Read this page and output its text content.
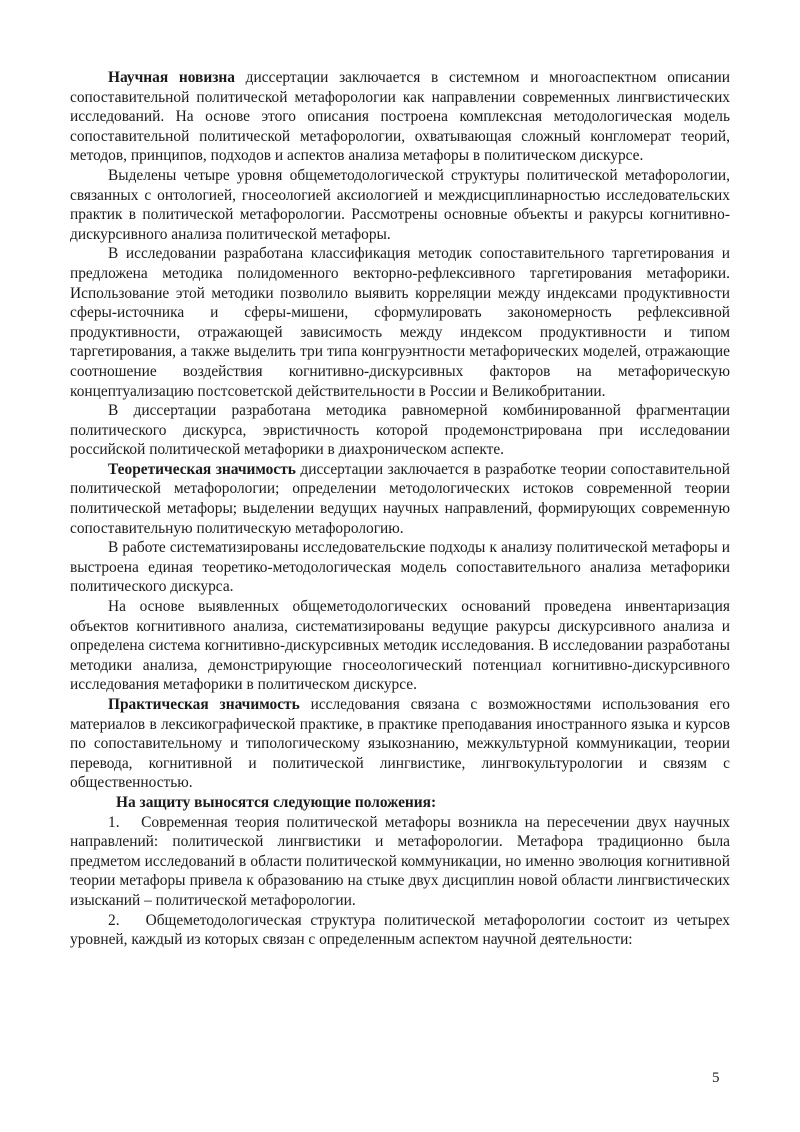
Научная новизна диссертации заключается в системном и многоаспектном описании сопоставительной политической метафорологии как направлении современных лингвистических исследований. На основе этого описания построена комплексная методологическая модель сопоставительной политической метафорологии, охватывающая сложный конгломерат теорий, методов, принципов, подходов и аспектов анализа метафоры в политическом дискурсе.

Выделены четыре уровня общеметодологической структуры политической метафорологии, связанных с онтологией, гносеологией аксиологией и междисциплинарностью исследовательских практик в политической метафорологии. Рассмотрены основные объекты и ракурсы когнитивно-дискурсивного анализа политической метафоры.

В исследовании разработана классификация методик сопоставительного таргетирования и предложена методика полидоменного векторно-рефлексивного таргетирования метафорики. Использование этой методики позволило выявить корреляции между индексами продуктивности сферы-источника и сферы-мишени, сформулировать закономерность рефлексивной продуктивности, отражающей зависимость между индексом продуктивности и типом таргетирования, а также выделить три типа конгруэнтности метафорических моделей, отражающие соотношение воздействия когнитивно-дискурсивных факторов на метафорическую концептуализацию постсоветской действительности в России и Великобритании.

В диссертации разработана методика равномерной комбинированной фрагментации политического дискурса, эвристичность которой продемонстрирована при исследовании российской политической метафорики в диахроническом аспекте.

Теоретическая значимость диссертации заключается в разработке теории сопоставительной политической метафорологии; определении методологических истоков современной теории политической метафоры; выделении ведущих научных направлений, формирующих современную сопоставительную политическую метафорологию.

В работе систематизированы исследовательские подходы к анализу политической метафоры и выстроена единая теоретико-методологическая модель сопоставительного анализа метафорики политического дискурса.

На основе выявленных общеметодологических оснований проведена инвентаризация объектов когнитивного анализа, систематизированы ведущие ракурсы дискурсивного анализа и определена система когнитивно-дискурсивных методик исследования. В исследовании разработаны методики анализа, демонстрирующие гносеологический потенциал когнитивно-дискурсивного исследования метафорики в политическом дискурсе.

Практическая значимость исследования связана с возможностями использования его материалов в лексикографической практике, в практике преподавания иностранного языка и курсов по сопоставительному и типологическому языкознанию, межкультурной коммуникации, теории перевода, когнитивной и политической лингвистике, лингвокультурологии и связям с общественностью.

На защиту выносятся следующие положения:

1.   Современная теория политической метафоры возникла на пересечении двух научных направлений: политической лингвистики и метафорологии. Метафора традиционно была предметом исследований в области политической коммуникации, но именно эволюция когнитивной теории метафоры привела к образованию на стыке двух дисциплин новой области лингвистических изысканий – политической метафорологии.

2.   Общеметодологическая структура политической метафорологии состоит из четырех уровней, каждый из которых связан с определенным аспектом научной деятельности:

5
